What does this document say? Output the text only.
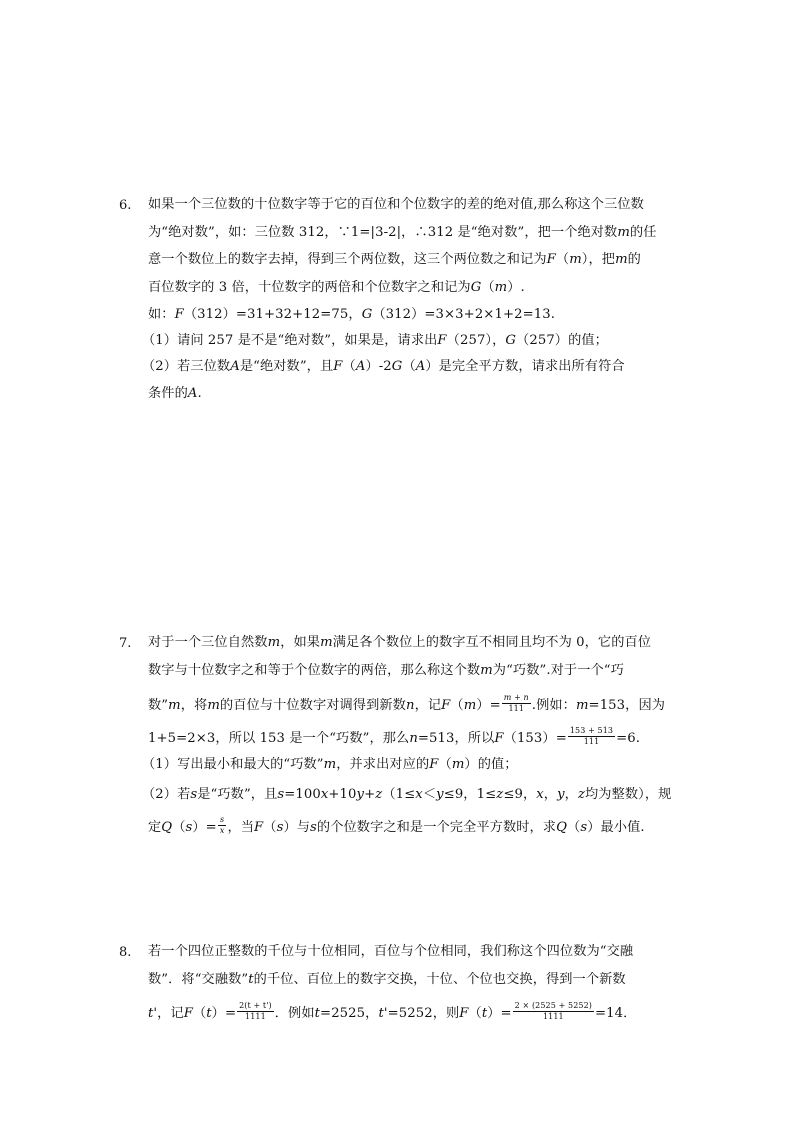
6. 如果一个三位数的十位数字等于它的百位和个位数字的差的绝对值,那么称这个三位数
为“绝对数”，如：三位数 312，∵1=|3-2|，∴312 是“绝对数”，把一个绝对数m的任
意一个数位上的数字去掉，得到三个两位数，这三个两位数之和记为F（m），把m的
百位数字的 3 倍，十位数字的两倍和个位数字之和记为G（m）.
如：F（312）=31+32+12=75，G（312）=3×3+2×1+2=13.
（1）请问 257 是不是“绝对数”，如果是，请求出F（257），G（257）的值；
（2）若三位数A是“绝对数”，且F（A）-2G（A）是完全平方数，请求出所有符合
条件的A.
7. 对于一个三位自然数m，如果m满足各个数位上的数字互不相同且均不为 0，它的百位
数字与十位数字之和等于个位数字的两倍，那么称这个数m为“巧数”.对于一个“巧
数”m，将m的百位与十位数字对调得到新数n，记$F(m)= \frac{m + n}{111}$ .例如：m=153，因为
1+5=2×3，所以 153 是一个“巧数”，那么n=513，所以$F(153)= \frac{153 + 513}{111} =6$.
（1）写出最小和最大的“巧数”m，并求出对应的F（m）的值；
（2）若s是“巧数”，且s=100x+10y+z（1≤x＜y≤9，1≤z≤9，x，y，z均为整数），规
定$Q(s)= \frac{s}{x}$ ，当F（s）与s的个位数字之和是一个完全平方数时，求Q（s）最小值.
8. 若一个四位正整数的千位与十位相同，百位与个位相同，我们称这个四位数为“交融
数”．将“交融数”t的千位、百位上的数字交换，十位、个位也交换，得到一个新数
t'，记$F(t)= \frac{2(t + t')}{1111}$ ．例如t=2525，t'=5252，则$F(t)= \frac{2 \times (2525 + 5252)}{1111} =14$．
